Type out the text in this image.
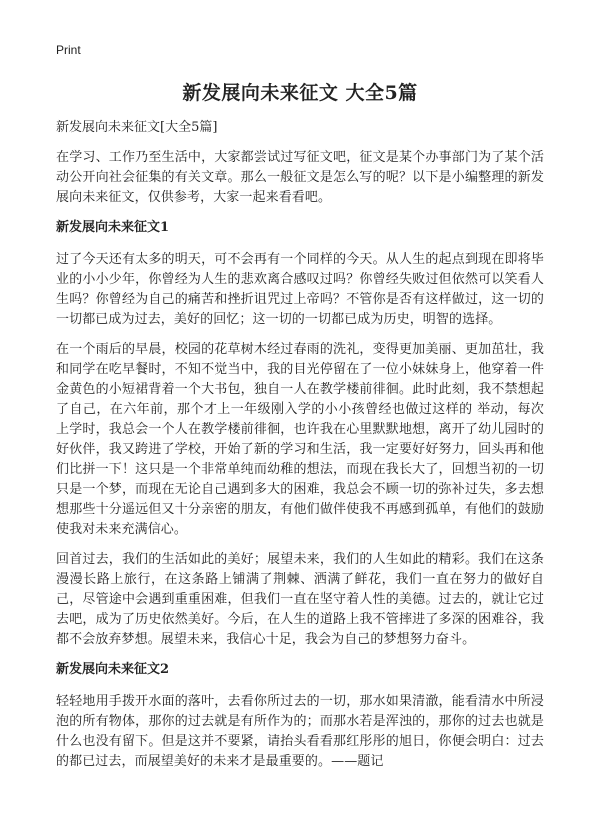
Print
新发展向未来征文 大全5篇

新发展向未来征文[大全5篇]

在学习、工作乃至生活中，大家都尝试过写征文吧，征文是某个办事部门为了某个活动公开向社会征集的有关文章。那么一般征文是怎么写的呢？以下是小编整理的新发展向未来征文，仅供参考，大家一起来看看吧。

新发展向未来征文1

过了今天还有太多的明天，可不会再有一个同样的今天。从人生的起点到现在即将毕业的小小少年，你曾经为人生的悲欢离合感叹过吗？你曾经失败过但依然可以笑看人生吗？你曾经为自己的痛苦和挫折诅咒过上帝吗？不管你是否有这样做过，这一切的一切都已成为过去，美好的回忆；这一切的一切都已成为历史，明智的选择。

在一个雨后的早晨，校园的花草树木经过春雨的洗礼，变得更加美丽、更加茁壮，我和同学在吃早餐时，不知不觉当中，我的目光停留在了一位小妹妹身上，他穿着一件金黄色的小短裙背着一个大书包，独自一人在教学楼前徘徊。此时此刻，我不禁想起了自己，在六年前，那个才上一年级刚入学的小小孩曾经也做过这样的 举动，每次上学时，我总会一个人在教学楼前徘徊，也许我在心里默默地想，离开了幼儿园时的好伙伴，我又跨进了学校，开始了新的学习和生活，我一定要好好努力，回头再和他们比拼一下！这只是一个非常单纯而幼稚的想法，而现在我长大了，回想当初的一切只是一个梦，而现在无论自己遇到多大的困难，我总会不顾一切的弥补过失，多去想想那些十分遥远但又十分亲密的朋友，有他们做伴使我不再感到孤单，有他们的鼓励使我对未来充满信心。

回首过去，我们的生活如此的美好；展望未来，我们的人生如此的精彩。我们在这条漫漫长路上旅行，在这条路上铺满了荆棘、洒满了鲜花，我们一直在努力的做好自己，尽管途中会遇到重重困难，但我们一直在坚守着人性的美德。过去的，就让它过去吧，成为了历史依然美好。今后，在人生的道路上我不管摔进了多深的困难谷，我都不会放弃梦想。展望未来，我信心十足，我会为自己的梦想努力奋斗。

新发展向未来征文2

轻轻地用手拨开水面的落叶，去看你所过去的一切，那水如果清澈，能看清水中所浸泡的所有物体，那你的过去就是有所作为的；而那水若是浑浊的，那你的过去也就是什么也没有留下。但是这并不要紧，请抬头看看那红彤彤的旭日，你便会明白：过去的都已过去，而展望美好的未来才是最重要的。——题记
